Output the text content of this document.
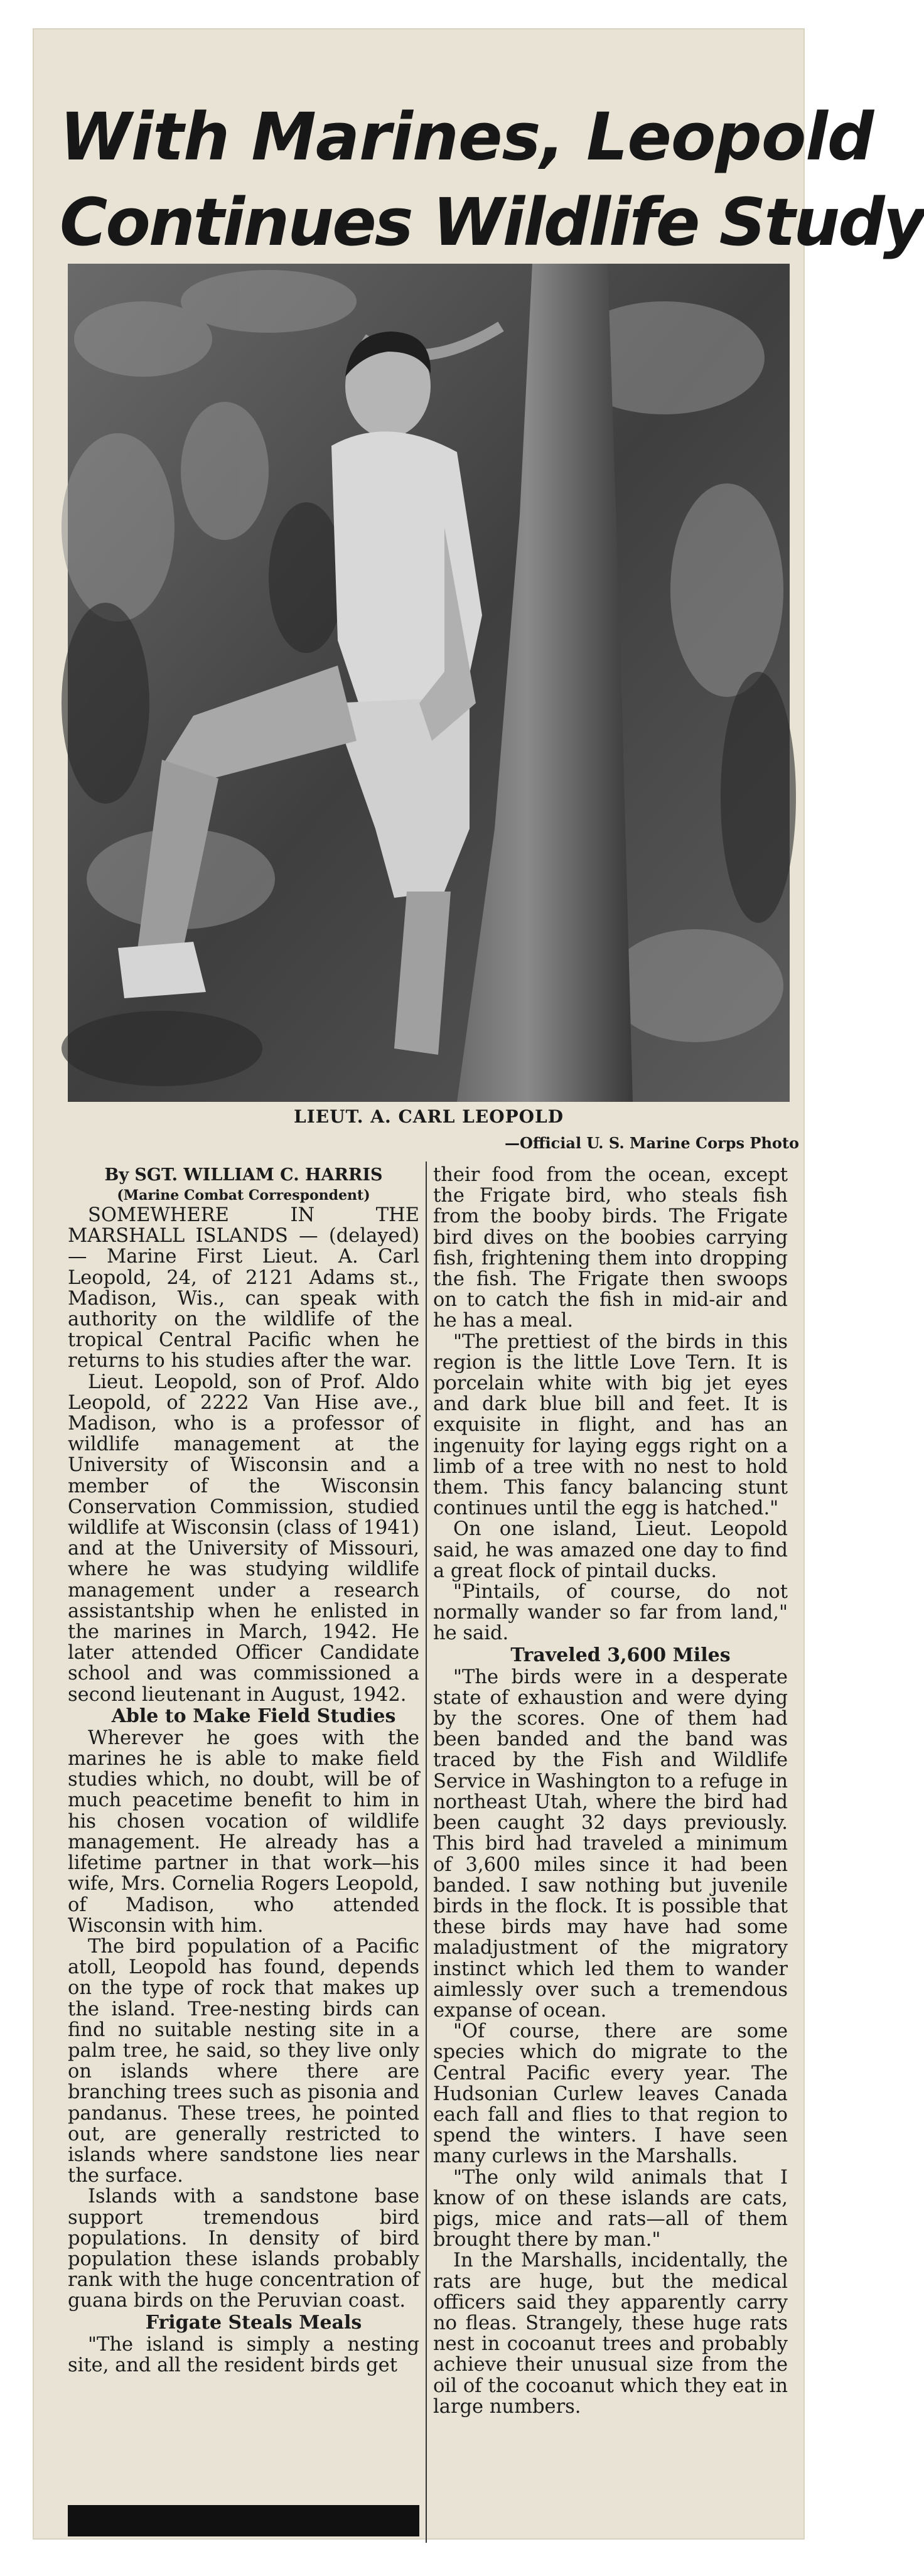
With Marines, Leopold
Continues Wildlife Study
LIEUT. A. CARL LEOPOLD
—Official U. S. Marine Corps Photo
By SGT. WILLIAM C. HARRIS
(Marine Combat Correspondent)

SOMEWHERE IN THE MARSHALL ISLANDS — (delayed) — Marine First Lieut. A. Carl Leopold, 24, of 2121 Adams st., Madison, Wis., can speak with authority on the wildlife of the tropical Central Pacific when he returns to his studies after the war.

Lieut. Leopold, son of Prof. Aldo Leopold, of 2222 Van Hise ave., Madison, who is a professor of wildlife management at the University of Wisconsin and a member of the Wisconsin Conservation Commission, studied wildlife at Wisconsin (class of 1941) and at the University of Missouri, where he was studying wildlife management under a research assistantship when he enlisted in the marines in March, 1942. He later attended Officer Candidate school and was commissioned a second lieutenant in August, 1942.

Able to Make Field Studies

Wherever he goes with the marines he is able to make field studies which, no doubt, will be of much peacetime benefit to him in his chosen vocation of wildlife management. He already has a lifetime partner in that work—his wife, Mrs. Cornelia Rogers Leopold, of Madison, who attended Wisconsin with him.

The bird population of a Pacific atoll, Leopold has found, depends on the type of rock that makes up the island. Tree-nesting birds can find no suitable nesting site in a palm tree, he said, so they live only on islands where there are branching trees such as pisonia and pandanus. These trees, he pointed out, are generally restricted to islands where sandstone lies near the surface.

Islands with a sandstone base support tremendous bird populations. In density of bird population these islands probably rank with the huge concentration of guana birds on the Peruvian coast.

Frigate Steals Meals

"The island is simply a nesting site, and all the resident birds get

their food from the ocean, except the Frigate bird, who steals fish from the booby birds. The Frigate bird dives on the boobies carrying fish, frightening them into dropping the fish. The Frigate then swoops on to catch the fish in mid-air and he has a meal.

"The prettiest of the birds in this region is the little Love Tern. It is porcelain white with big jet eyes and dark blue bill and feet. It is exquisite in flight, and has an ingenuity for laying eggs right on a limb of a tree with no nest to hold them. This fancy balancing stunt continues until the egg is hatched."

On one island, Lieut. Leopold said, he was amazed one day to find a great flock of pintail ducks.

"Pintails, of course, do not normally wander so far from land," he said.

Traveled 3,600 Miles

"The birds were in a desperate state of exhaustion and were dying by the scores. One of them had been banded and the band was traced by the Fish and Wildlife Service in Washington to a refuge in northeast Utah, where the bird had been caught 32 days previously. This bird had traveled a minimum of 3,600 miles since it had been banded. I saw nothing but juvenile birds in the flock. It is possible that these birds may have had some maladjustment of the migratory instinct which led them to wander aimlessly over such a tremendous expanse of ocean.

"Of course, there are some species which do migrate to the Central Pacific every year. The Hudsonian Curlew leaves Canada each fall and flies to that region to spend the winters. I have seen many curlews in the Marshalls.

"The only wild animals that I know of on these islands are cats, pigs, mice and rats—all of them brought there by man."

In the Marshalls, incidentally, the rats are huge, but the medical officers said they apparently carry no fleas. Strangely, these huge rats nest in cocoanut trees and probably achieve their unusual size from the oil of the cocoanut which they eat in large numbers.
